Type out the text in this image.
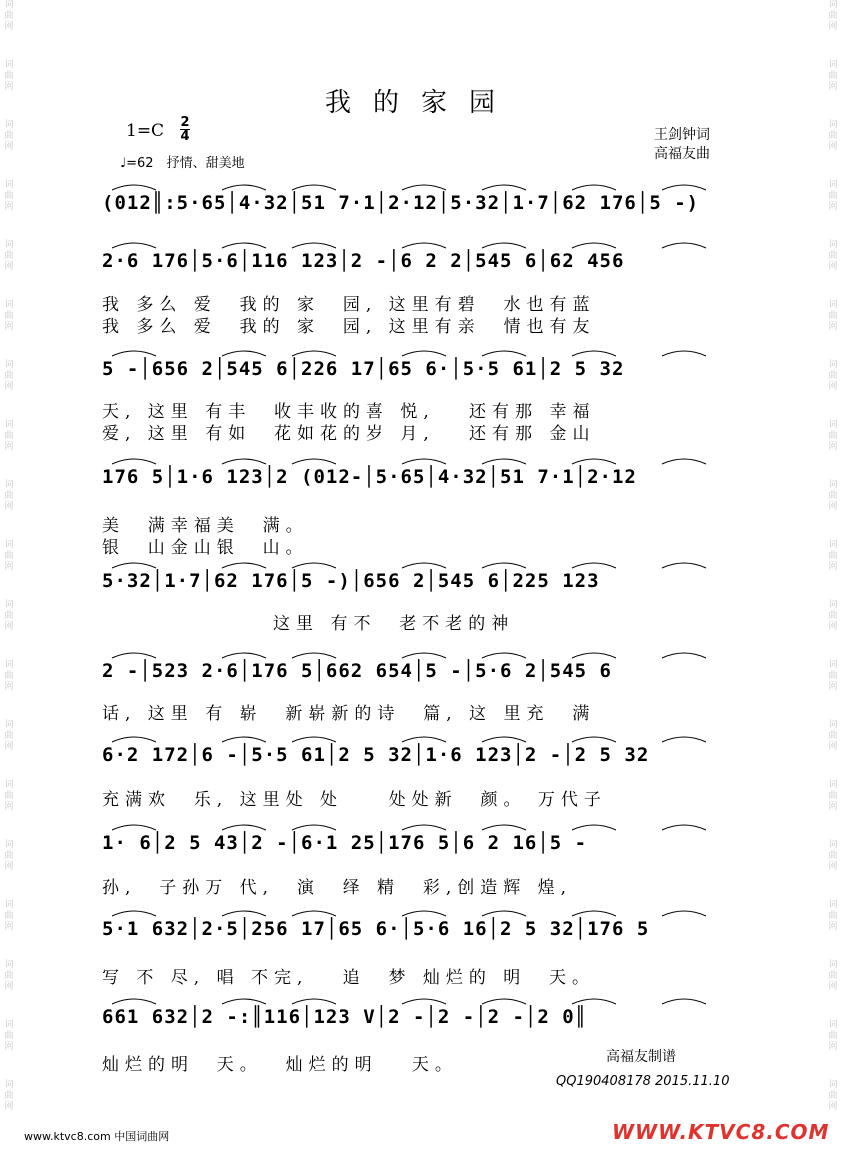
词
曲
网
词
曲
网
词
曲
网
词
曲
网
词
曲
网
词
曲
网
词
曲
网
词
曲
网
词
曲
网
词
曲
网
词
曲
网
词
曲
网
词
曲
网
词
曲
网
词
曲
网
词
曲
网
词
曲
网
词
曲
网
词
曲
网
词
曲
网
词
曲
网
词
曲
网
词
曲
网
词
曲
网
词
曲
网
词
曲
网
词
曲
网
词
曲
网
词
曲
网
词
曲
网
词
曲
网
词
曲
网
词
曲
网
词
曲
网
词
曲
网
词
曲
网
词
曲
网
词
曲
网
我的家园
1=C 2
4
♩=62　抒情、甜美地
王剑钟词
高福友曲
(012║:5·65│4·32│51 7·1│2·12│5·32│1·7│62 176│5 -)
2·6 176│5·6│116 123│2 -│6 2 2│545 6│62 456
我 多么 爱  我的 家  园, 这里有碧  水也有蓝
我 多么 爱  我的 家  园, 这里有亲  情也有友
5 -│656 2│545 6│226 17│65 6·│5·5 61│2 5 32
天, 这里 有丰  收丰收的喜 悦,   还有那 幸福
爱, 这里 有如  花如花的岁 月,   还有那 金山
176 5│1·6 123│2 (012-│5·65│4·32│51 7·1│2·12
美  满幸福美  满。
银  山金山银  山。
5·32│1·7│62 176│5 -)│656 2│545 6│225 123
这里 有不  老不老的神
2 -│523 2·6│176 5│662 654│5 -│5·6 2│545 6
话, 这里 有 崭  新崭新的诗  篇, 这 里充  满
6·2 172│6 -│5·5 61│2 5 32│1·6 123│2 -│2 5 32
充满欢  乐, 这里处 处    处处新  颜。 万代子
1· 6│2 5 43│2 -│6·1 25│176 5│6 2 16│5 -
孙,  子孙万 代,  演  绎 精  彩,创造辉 煌,
5·1 632│2·5│256 17│65 6·│5·6 16│2 5 32│176 5
写 不 尽, 唱 不完,   追  梦 灿烂的 明  天。
661 632│2 -:║116│123 V│2 -│2 -│2 -│2 0║
灿烂的明  天。  灿烂的明   天。	高福友制谱
QQ190408178 2015.11.10
www.ktvc8.com 中国词曲网	WWW.KTVC8.COM
